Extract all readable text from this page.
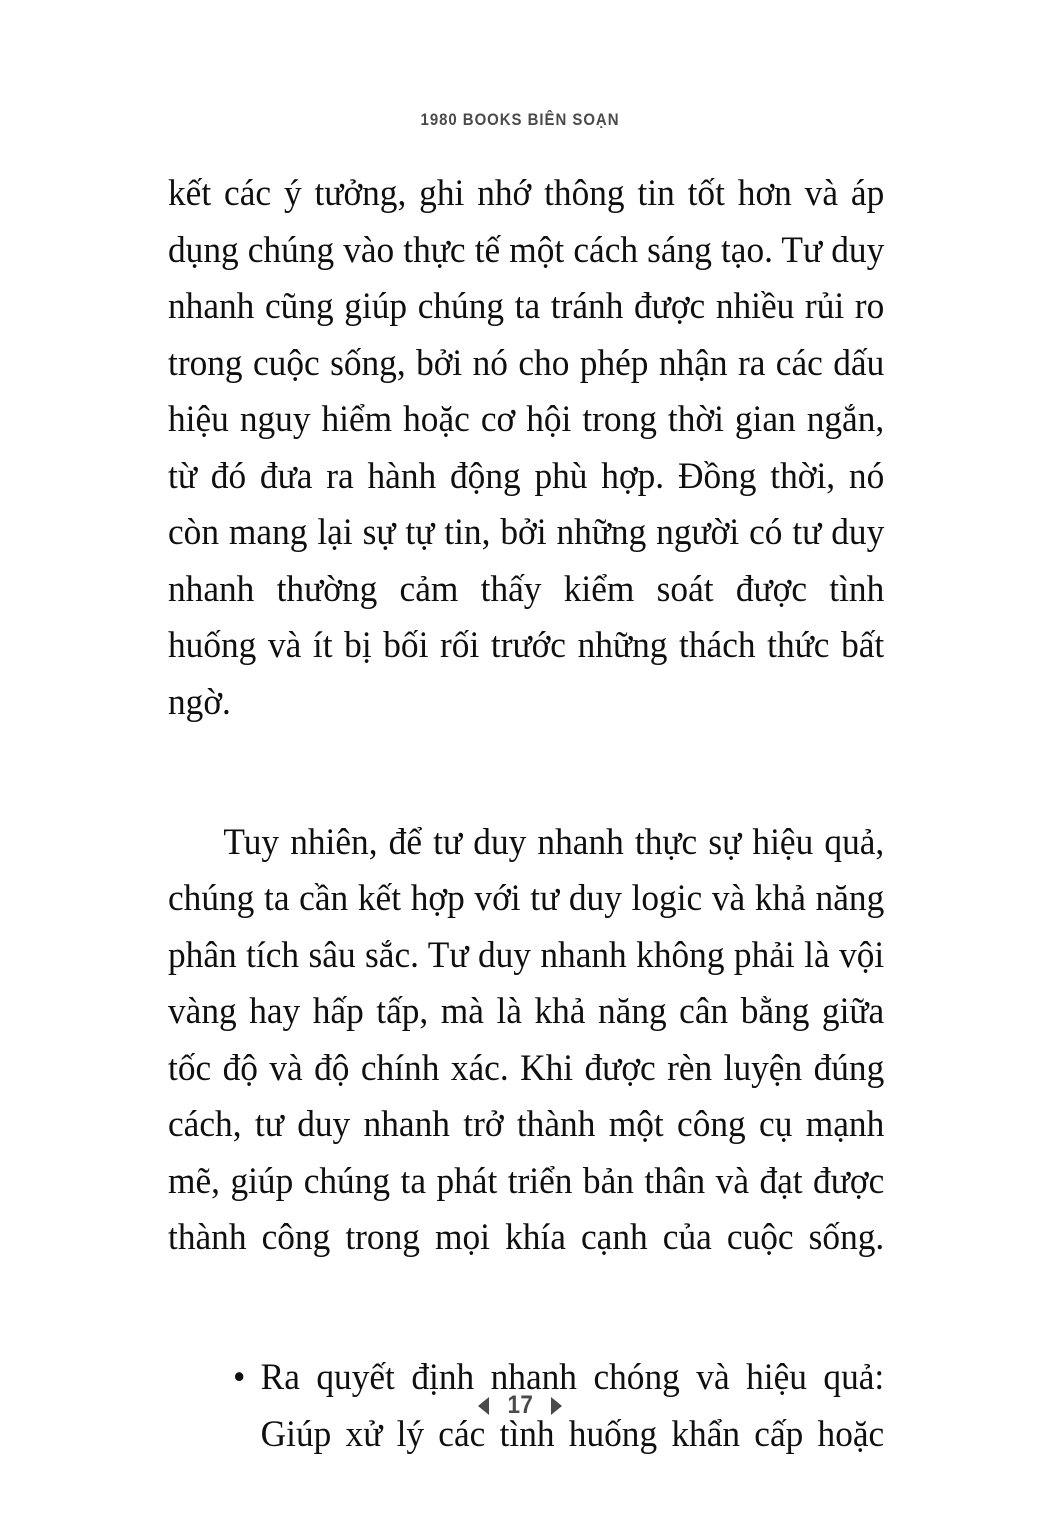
1980 BOOKS BIÊN SOẠN

kết các ý tưởng, ghi nhớ thông tin tốt hơn và áp dụng chúng vào thực tế một cách sáng tạo. Tư duy nhanh cũng giúp chúng ta tránh được nhiều rủi ro trong cuộc sống, bởi nó cho phép nhận ra các dấu hiệu nguy hiểm hoặc cơ hội trong thời gian ngắn, từ đó đưa ra hành động phù hợp. Đồng thời, nó còn mang lại sự tự tin, bởi những người có tư duy nhanh thường cảm thấy kiểm soát được tình huống và ít bị bối rối trước những thách thức bất ngờ.

Tuy nhiên, để tư duy nhanh thực sự hiệu quả, chúng ta cần kết hợp với tư duy logic và khả năng phân tích sâu sắc. Tư duy nhanh không phải là vội vàng hay hấp tấp, mà là khả năng cân bằng giữa tốc độ và độ chính xác. Khi được rèn luyện đúng cách, tư duy nhanh trở thành một công cụ mạnh mẽ, giúp chúng ta phát triển bản thân và đạt được thành công trong mọi khía cạnh của cuộc sống.

• Ra quyết định nhanh chóng và hiệu quả: Giúp xử lý các tình huống khẩn cấp hoặc
17
